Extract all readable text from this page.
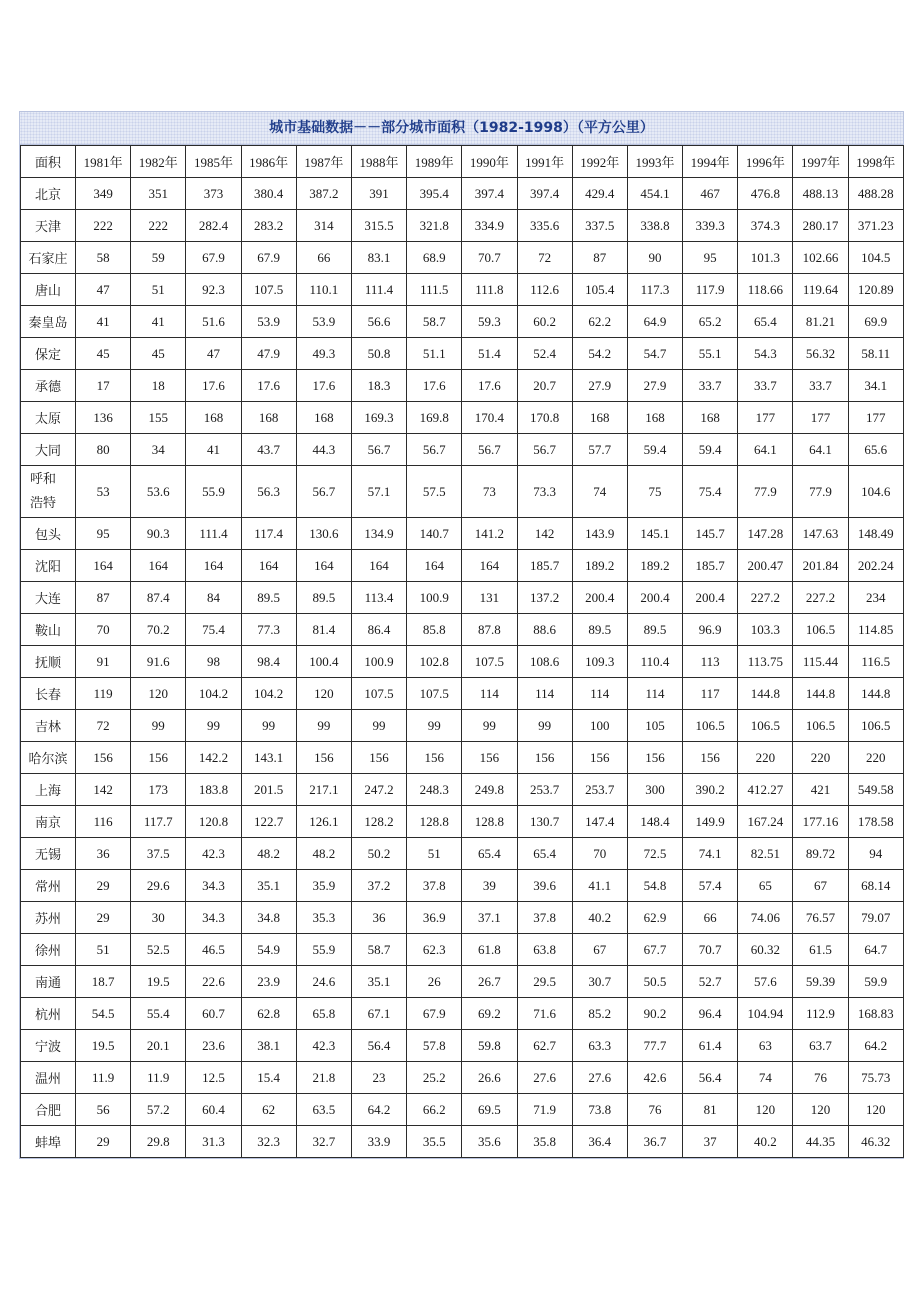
城市基础数据－－部分城市面积（1982-1998）（平方公里）
面积	1981年	1982年	1985年	1986年	1987年	1988年	1989年	1990年	1991年	1992年	1993年	1994年	1996年	1997年	1998年
北京	349	351	373	380.4	387.2	391	395.4	397.4	397.4	429.4	454.1	467	476.8	488.13	488.28
天津	222	222	282.4	283.2	314	315.5	321.8	334.9	335.6	337.5	338.8	339.3	374.3	280.17	371.23
石家庄	58	59	67.9	67.9	66	83.1	68.9	70.7	72	87	90	95	101.3	102.66	104.5
唐山	47	51	92.3	107.5	110.1	111.4	111.5	111.8	112.6	105.4	117.3	117.9	118.66	119.64	120.89
秦皇岛	41	41	51.6	53.9	53.9	56.6	58.7	59.3	60.2	62.2	64.9	65.2	65.4	81.21	69.9
保定	45	45	47	47.9	49.3	50.8	51.1	51.4	52.4	54.2	54.7	55.1	54.3	56.32	58.11
承德	17	18	17.6	17.6	17.6	18.3	17.6	17.6	20.7	27.9	27.9	33.7	33.7	33.7	34.1
太原	136	155	168	168	168	169.3	169.8	170.4	170.8	168	168	168	177	177	177
大同	80	34	41	43.7	44.3	56.7	56.7	56.7	56.7	57.7	59.4	59.4	64.1	64.1	65.6
呼和浩特	53	53.6	55.9	56.3	56.7	57.1	57.5	73	73.3	74	75	75.4	77.9	77.9	104.6
包头	95	90.3	111.4	117.4	130.6	134.9	140.7	141.2	142	143.9	145.1	145.7	147.28	147.63	148.49
沈阳	164	164	164	164	164	164	164	164	185.7	189.2	189.2	185.7	200.47	201.84	202.24
大连	87	87.4	84	89.5	89.5	113.4	100.9	131	137.2	200.4	200.4	200.4	227.2	227.2	234
鞍山	70	70.2	75.4	77.3	81.4	86.4	85.8	87.8	88.6	89.5	89.5	96.9	103.3	106.5	114.85
抚顺	91	91.6	98	98.4	100.4	100.9	102.8	107.5	108.6	109.3	110.4	113	113.75	115.44	116.5
长春	119	120	104.2	104.2	120	107.5	107.5	114	114	114	114	117	144.8	144.8	144.8
吉林	72	99	99	99	99	99	99	99	99	100	105	106.5	106.5	106.5	106.5
哈尔滨	156	156	142.2	143.1	156	156	156	156	156	156	156	156	220	220	220
上海	142	173	183.8	201.5	217.1	247.2	248.3	249.8	253.7	253.7	300	390.2	412.27	421	549.58
南京	116	117.7	120.8	122.7	126.1	128.2	128.8	128.8	130.7	147.4	148.4	149.9	167.24	177.16	178.58
无锡	36	37.5	42.3	48.2	48.2	50.2	51	65.4	65.4	70	72.5	74.1	82.51	89.72	94
常州	29	29.6	34.3	35.1	35.9	37.2	37.8	39	39.6	41.1	54.8	57.4	65	67	68.14
苏州	29	30	34.3	34.8	35.3	36	36.9	37.1	37.8	40.2	62.9	66	74.06	76.57	79.07
徐州	51	52.5	46.5	54.9	55.9	58.7	62.3	61.8	63.8	67	67.7	70.7	60.32	61.5	64.7
南通	18.7	19.5	22.6	23.9	24.6	35.1	26	26.7	29.5	30.7	50.5	52.7	57.6	59.39	59.9
杭州	54.5	55.4	60.7	62.8	65.8	67.1	67.9	69.2	71.6	85.2	90.2	96.4	104.94	112.9	168.83
宁波	19.5	20.1	23.6	38.1	42.3	56.4	57.8	59.8	62.7	63.3	77.7	61.4	63	63.7	64.2
温州	11.9	11.9	12.5	15.4	21.8	23	25.2	26.6	27.6	27.6	42.6	56.4	74	76	75.73
合肥	56	57.2	60.4	62	63.5	64.2	66.2	69.5	71.9	73.8	76	81	120	120	120
蚌埠	29	29.8	31.3	32.3	32.7	33.9	35.5	35.6	35.8	36.4	36.7	37	40.2	44.35	46.32
